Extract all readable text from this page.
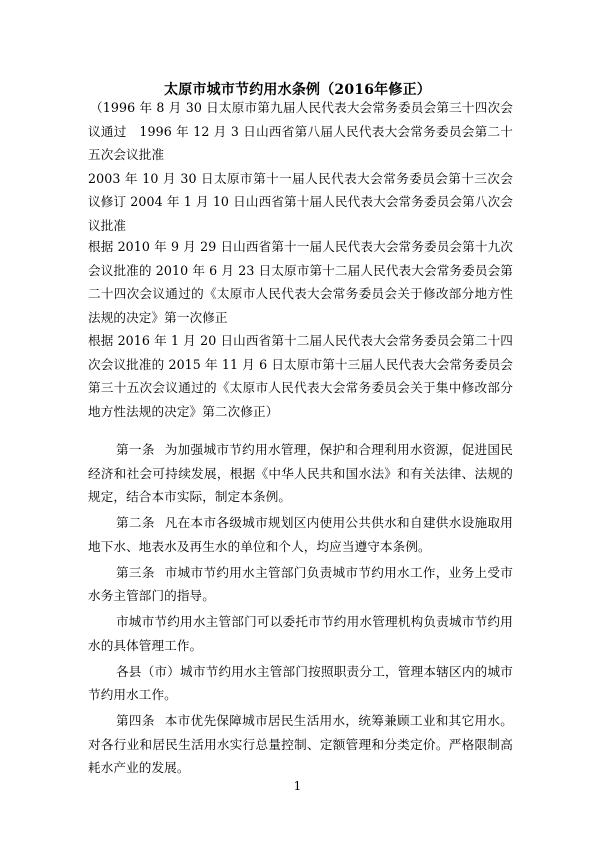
太原市城市节约用水条例（2016年修正）

（1996 年 8 月 30 日太原市第九届人民代表大会常务委员会第三十四次会议通过　1996 年 12 月 3 日山西省第八届人民代表大会常务委员会第二十五次会议批准

2003 年 10 月 30 日太原市第十一届人民代表大会常务委员会第十三次会议修订 2004 年 1 月 10 日山西省第十届人民代表大会常务委员会第八次会议批准

根据 2010 年 9 月 29 日山西省第十一届人民代表大会常务委员会第十九次会议批准的 2010 年 6 月 23 日太原市第十二届人民代表大会常务委员会第二十四次会议通过的《太原市人民代表大会常务委员会关于修改部分地方性法规的决定》第一次修正

根据 2016 年 1 月 20 日山西省第十二届人民代表大会常务委员会第二十四次会议批准的 2015 年 11 月 6 日太原市第十三届人民代表大会常务委员会第三十五次会议通过的《太原市人民代表大会常务委员会关于集中修改部分地方性法规的决定》第二次修正）

第一条 为加强城市节约用水管理，保护和合理利用水资源，促进国民经济和社会可持续发展，根据《中华人民共和国水法》和有关法律、法规的规定，结合本市实际，制定本条例。

第二条 凡在本市各级城市规划区内使用公共供水和自建供水设施取用地下水、地表水及再生水的单位和个人，均应当遵守本条例。

第三条 市城市节约用水主管部门负责城市节约用水工作，业务上受市水务主管部门的指导。

市城市节约用水主管部门可以委托市节约用水管理机构负责城市节约用水的具体管理工作。

各县（市）城市节约用水主管部门按照职责分工，管理本辖区内的城市节约用水工作。

第四条 本市优先保障城市居民生活用水，统筹兼顾工业和其它用水。对各行业和居民生活用水实行总量控制、定额管理和分类定价。严格限制高耗水产业的发展。

1
